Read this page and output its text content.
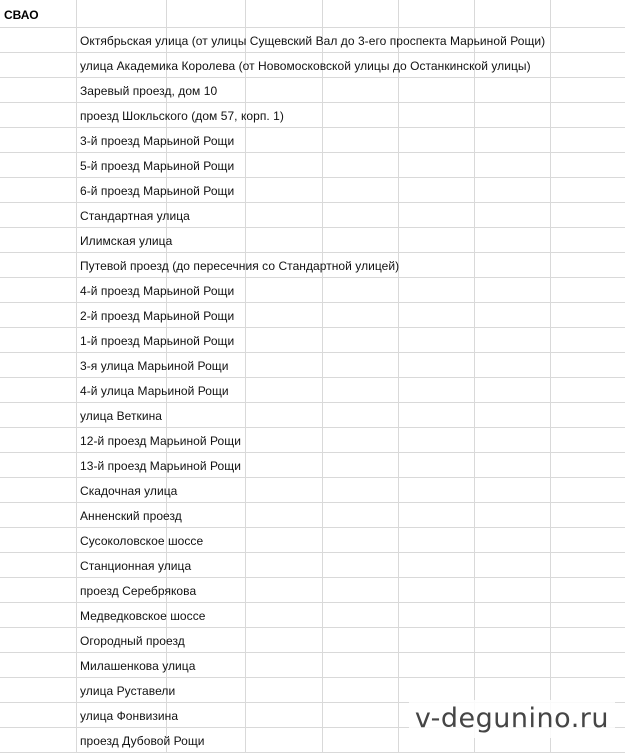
СВАО
Октябрьская улица (от улицы Сущевский Вал до 3-его проспекта Марьиной Рощи)
улица Академика Королева (от Новомосковской улицы до Останкинской улицы)
Заревый проезд, дом 10
проезд Шокльского (дом 57, корп. 1)
3-й проезд Марьиной Рощи
5-й проезд Марьиной Рощи
6-й проезд Марьиной Рощи
Стандартная улица
Илимская улица
Путевой проезд (до пересечния со Стандартной улицей)
4-й проезд Марьиной Рощи
2-й проезд Марьиной Рощи
1-й проезд Марьиной Рощи
3-я улица Марьиной Рощи
4-й улица Марьиной Рощи
улица Веткина
12-й проезд Марьиной Рощи
13-й проезд Марьиной Рощи
Скадочная улица
Анненский проезд
Сусоколовское шоссе
Станционная улица
проезд Серебрякова
Медведковское шоссе
Огородный проезд
Милашенкова улица
улица Руставели
улица Фонвизина
проезд Дубовой Рощи
v-degunino.ru
